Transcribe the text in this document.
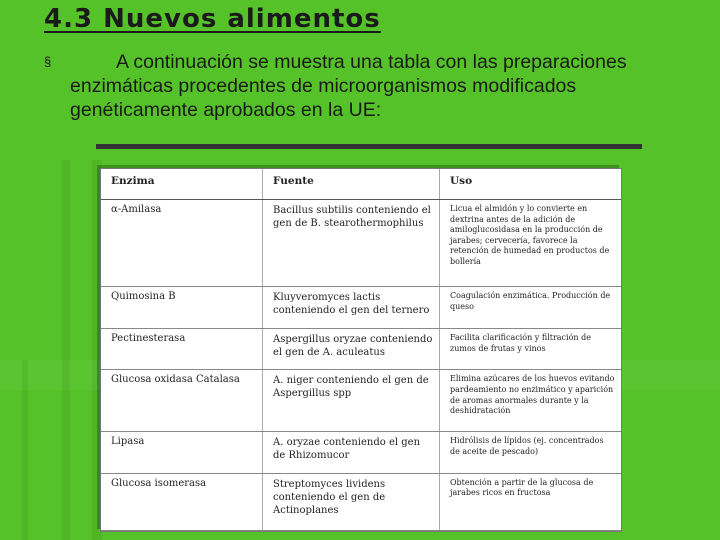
4.3 Nuevos alimentos
§	A continuación se muestra una tabla con las preparaciones enzimáticas procedentes de microorganismos modificados genéticamente aprobados en la UE:

Enzima	Fuente	Uso
α-Amilasa	Bacillus subtilis conteniendo el gen de B. stearothermophilus	Licua el almidón y lo convierte en dextrina antes de la adición de amiloglucosidasa en la producción de jarabes; cervecería, favorece la retención de humedad en productos de bollería
Quimosina B	Kluyveromyces lactis conteniendo el gen del ternero	Coagulación enzimática. Producción de queso
Pectinesterasa	Aspergillus oryzae conteniendo el gen de A. aculeatus	Facilita clarificación y filtración de zumos de frutas y vinos
Glucosa oxidasa Catalasa	A. niger conteniendo el gen de Aspergillus spp	Elimina azúcares de los huevos evitando pardeamiento no enzimático y aparición de aromas anormales durante y la deshidratación
Lipasa	A. oryzae conteniendo el gen de Rhizomucor	Hidrólisis de lípidos (ej. concentrados de aceite de pescado)
Glucosa isomerasa	Streptomyces lividens conteniendo el gen de Actinoplanes	Obtención a partir de la glucosa de jarabes ricos en fructosa
